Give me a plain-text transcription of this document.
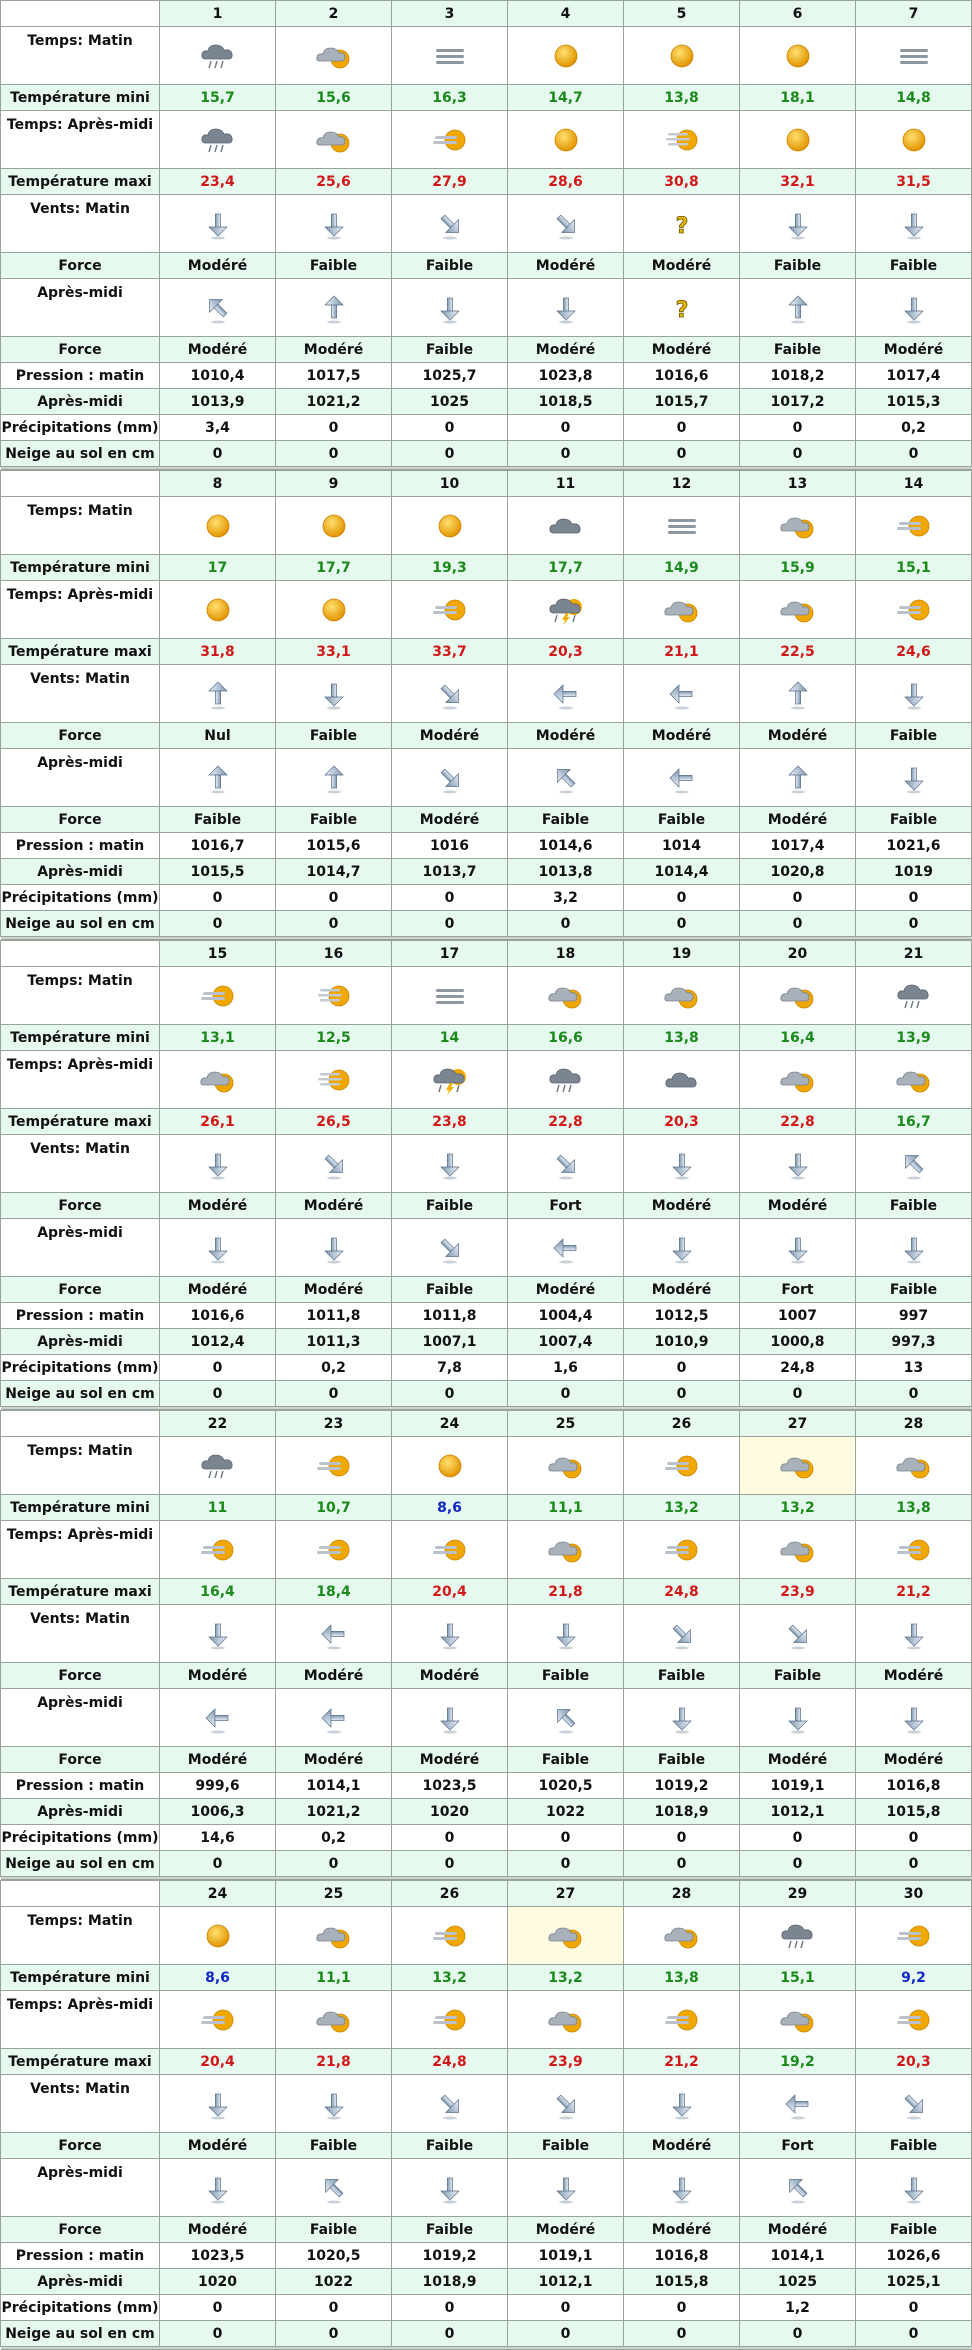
	1	2	3	4	5	6	7
Temps: Matin	

Température mini	15,7	15,6	16,3	14,7	13,8	18,1	14,8
Temps: Après-midi	

Température maxi	23,4	25,6	27,9	28,6	30,8	32,1	31,5
Vents: Matin					?

Force	Modéré	Faible	Faible	Modéré	Modéré	Faible	Faible
Après-midi					?

Force	Modéré	Modéré	Faible	Modéré	Modéré	Faible	Modéré
Pression : matin	1010,4	1017,5	1025,7	1023,8	1016,6	1018,2	1017,4
Après-midi	1013,9	1021,2	1025	1018,5	1015,7	1017,2	1015,3
Précipitations (mm)	3,4	0	0	0	0	0	0,2
Neige au sol en cm	0	0	0	0	0	0	0

	8	9	10	11	12	13	14
Temps: Matin	

Température mini	17	17,7	19,3	17,7	14,9	15,9	15,1
Temps: Après-midi	

Température maxi	31,8	33,1	33,7	20,3	21,1	22,5	24,6
Vents: Matin	

Force	Nul	Faible	Modéré	Modéré	Modéré	Modéré	Faible
Après-midi	

Force	Faible	Faible	Modéré	Faible	Faible	Modéré	Faible
Pression : matin	1016,7	1015,6	1016	1014,6	1014	1017,4	1021,6
Après-midi	1015,5	1014,7	1013,7	1013,8	1014,4	1020,8	1019
Précipitations (mm)	0	0	0	3,2	0	0	0
Neige au sol en cm	0	0	0	0	0	0	0

	15	16	17	18	19	20	21
Temps: Matin	

Température mini	13,1	12,5	14	16,6	13,8	16,4	13,9
Temps: Après-midi	

Température maxi	26,1	26,5	23,8	22,8	20,3	22,8	16,7
Vents: Matin	

Force	Modéré	Modéré	Faible	Fort	Modéré	Modéré	Faible
Après-midi	

Force	Modéré	Modéré	Faible	Modéré	Modéré	Fort	Faible
Pression : matin	1016,6	1011,8	1011,8	1004,4	1012,5	1007	997
Après-midi	1012,4	1011,3	1007,1	1007,4	1010,9	1000,8	997,3
Précipitations (mm)	0	0,2	7,8	1,6	0	24,8	13
Neige au sol en cm	0	0	0	0	0	0	0

	22	23	24	25	26	27	28
Temps: Matin	

Température mini	11	10,7	8,6	11,1	13,2	13,2	13,8
Temps: Après-midi	

Température maxi	16,4	18,4	20,4	21,8	24,8	23,9	21,2
Vents: Matin	

Force	Modéré	Modéré	Modéré	Faible	Faible	Faible	Modéré
Après-midi	

Force	Modéré	Modéré	Modéré	Faible	Faible	Modéré	Modéré
Pression : matin	999,6	1014,1	1023,5	1020,5	1019,2	1019,1	1016,8
Après-midi	1006,3	1021,2	1020	1022	1018,9	1012,1	1015,8
Précipitations (mm)	14,6	0,2	0	0	0	0	0
Neige au sol en cm	0	0	0	0	0	0	0

	24	25	26	27	28	29	30
Temps: Matin	

Température mini	8,6	11,1	13,2	13,2	13,8	15,1	9,2
Temps: Après-midi	

Température maxi	20,4	21,8	24,8	23,9	21,2	19,2	20,3
Vents: Matin	

Force	Modéré	Faible	Faible	Faible	Modéré	Fort	Faible
Après-midi	

Force	Modéré	Faible	Faible	Modéré	Modéré	Modéré	Faible
Pression : matin	1023,5	1020,5	1019,2	1019,1	1016,8	1014,1	1026,6
Après-midi	1020	1022	1018,9	1012,1	1015,8	1025	1025,1
Précipitations (mm)	0	0	0	0	0	1,2	0
Neige au sol en cm	0	0	0	0	0	0	0
